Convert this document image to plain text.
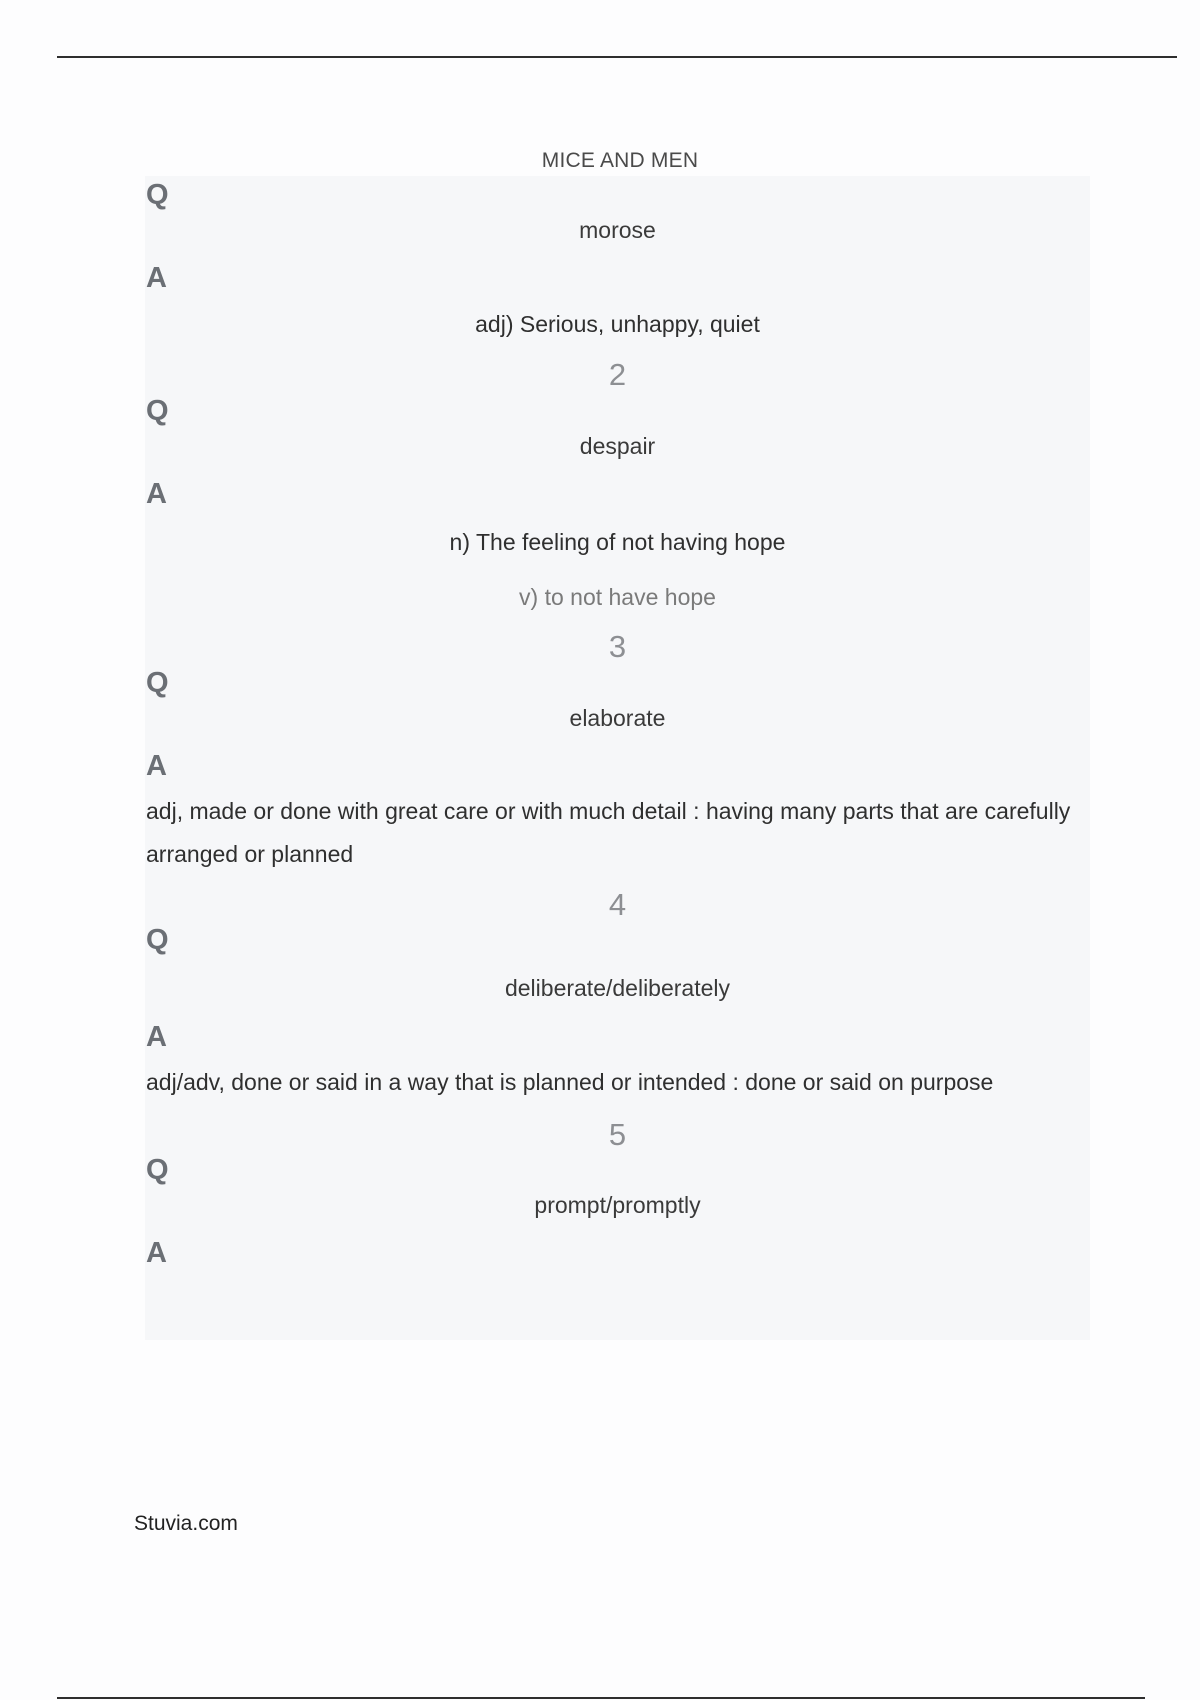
MICE AND MEN
Q
morose
A
adj) Serious, unhappy, quiet
2
Q
despair
A
n) The feeling of not having hope
v) to not have hope
3
Q
elaborate
A
adj, made or done with great care or with much detail : having many parts that are carefully arranged or planned
4
Q
deliberate/deliberately
A
adj/adv, done or said in a way that is planned or intended : done or said on purpose
5
Q
prompt/promptly
A
Stuvia.com
